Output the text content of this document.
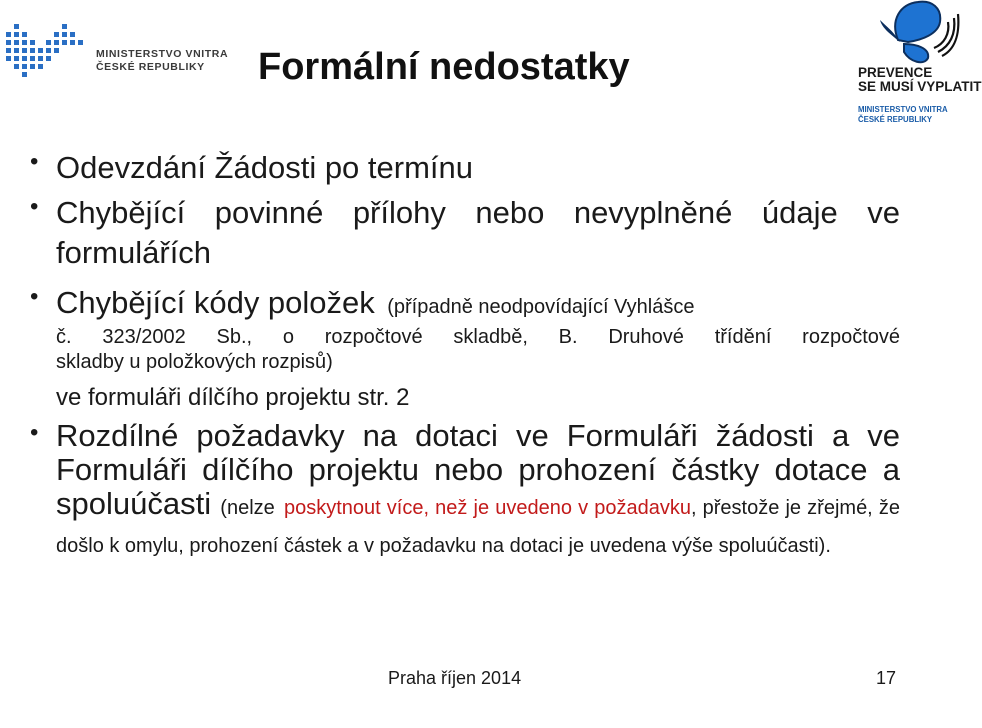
MINISTERSTVO VNITRA
ČESKÉ REPUBLIKY	PREVENCE
SE MUSÍ VYPLATIT
MINISTERSTVO VNITRA
ČESKÉ REPUBLIKY
Formální nedostatky
• Odevzdání Žádosti po termínu
• Chybějící povinné přílohy nebo nevyplněné údaje ve formulářích
• Chybějící kódy položek (případně neodpovídající Vyhlášce
č. 323/2002 Sb., o rozpočtové skladbě, B. Druhové třídění rozpočtové
skladby u položkových rozpisů)
ve formuláři dílčího projektu str. 2
• Rozdílné požadavky na dotaci ve Formuláři žádosti a ve Formuláři dílčího projektu nebo prohození částky dotace a spoluúčasti (nelze poskytnout více, než je uvedeno v požadavku, přestože je zřejmé, že došlo k omylu, prohození částek a v požadavku na dotaci je uvedena výše spoluúčasti).
Praha říjen 2014	17
